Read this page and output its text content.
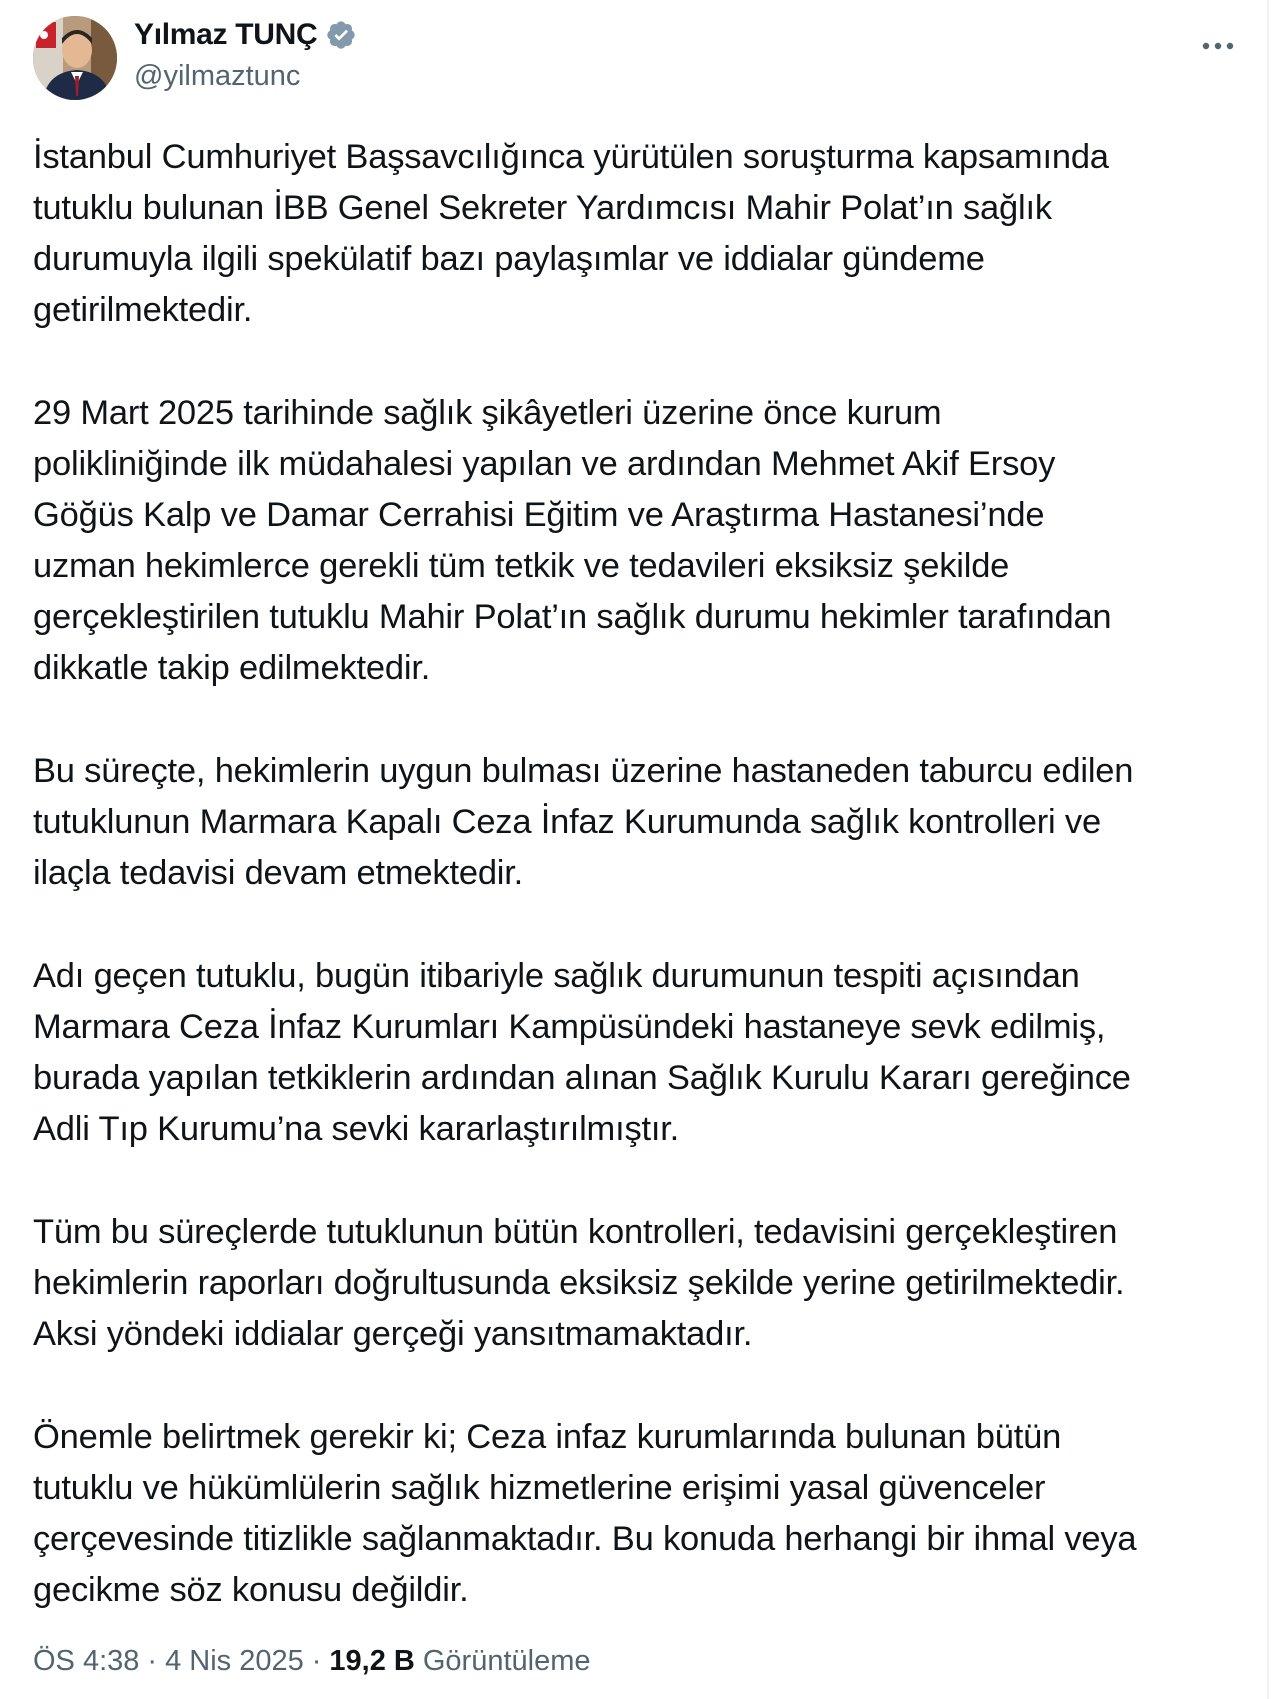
Yılmaz TUNÇ
@yilmaztunc

İstanbul Cumhuriyet Başsavcılığınca yürütülen soruşturma kapsamında
tutuklu bulunan İBB Genel Sekreter Yardımcısı Mahir Polat’ın sağlık
durumuyla ilgili spekülatif bazı paylaşımlar ve iddialar gündeme
getirilmektedir.

29 Mart 2025 tarihinde sağlık şikâyetleri üzerine önce kurum
polikliniğinde ilk müdahalesi yapılan ve ardından Mehmet Akif Ersoy
Göğüs Kalp ve Damar Cerrahisi Eğitim ve Araştırma Hastanesi’nde
uzman hekimlerce gerekli tüm tetkik ve tedavileri eksiksiz şekilde
gerçekleştirilen tutuklu Mahir Polat’ın sağlık durumu hekimler tarafından
dikkatle takip edilmektedir.

Bu süreçte, hekimlerin uygun bulması üzerine hastaneden taburcu edilen
tutuklunun Marmara Kapalı Ceza İnfaz Kurumunda sağlık kontrolleri ve
ilaçla tedavisi devam etmektedir.

Adı geçen tutuklu, bugün itibariyle sağlık durumunun tespiti açısından
Marmara Ceza İnfaz Kurumları Kampüsündeki hastaneye sevk edilmiş,
burada yapılan tetkiklerin ardından alınan Sağlık Kurulu Kararı gereğince
Adli Tıp Kurumu’na sevki kararlaştırılmıştır.

Tüm bu süreçlerde tutuklunun bütün kontrolleri, tedavisini gerçekleştiren
hekimlerin raporları doğrultusunda eksiksiz şekilde yerine getirilmektedir.
Aksi yöndeki iddialar gerçeği yansıtmamaktadır.

Önemle belirtmek gerekir ki; Ceza infaz kurumlarında bulunan bütün
tutuklu ve hükümlülerin sağlık hizmetlerine erişimi yasal güvenceler
çerçevesinde titizlikle sağlanmaktadır. Bu konuda herhangi bir ihmal veya
gecikme söz konusu değildir.

ÖS 4:38 · 4 Nis 2025 · 19,2 B Görüntüleme
